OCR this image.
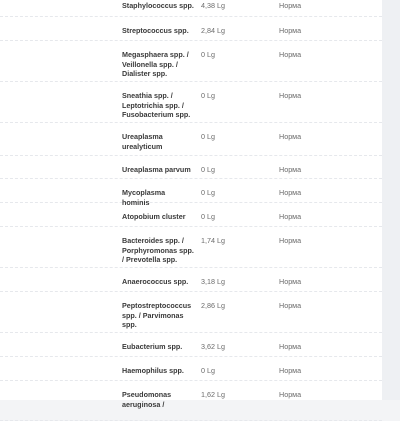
Staphylococcus spp. 4,38 Lg	Норма
Streptococcus spp.	2,84 Lg	Норма
Megasphaera spp. / Veillonella spp. / Dialister spp.
0 Lg	Норма
Sneathia spp. / Leptotrichia spp. / Fusobacterium spp.
0 Lg	Норма
Ureaplasma urealyticum
0 Lg	Норма
Ureaplasma parvum	0 Lg	Норма
Mycoplasma hominis
0 Lg	Норма
Atopobium cluster	0 Lg	Норма
Bacteroides spp. / Porphyromonas spp. / Prevotella spp.
1,74 Lg	Норма
Anaerococcus spp.	3,18 Lg	Норма
Peptostreptococcus spp. / Parvimonas spp.
2,86 Lg	Норма
Eubacterium spp.	3,62 Lg	Норма
Haemophilus spp.	0 Lg	Норма
Pseudomonas aeruginosa /
1,62 Lg	Норма
